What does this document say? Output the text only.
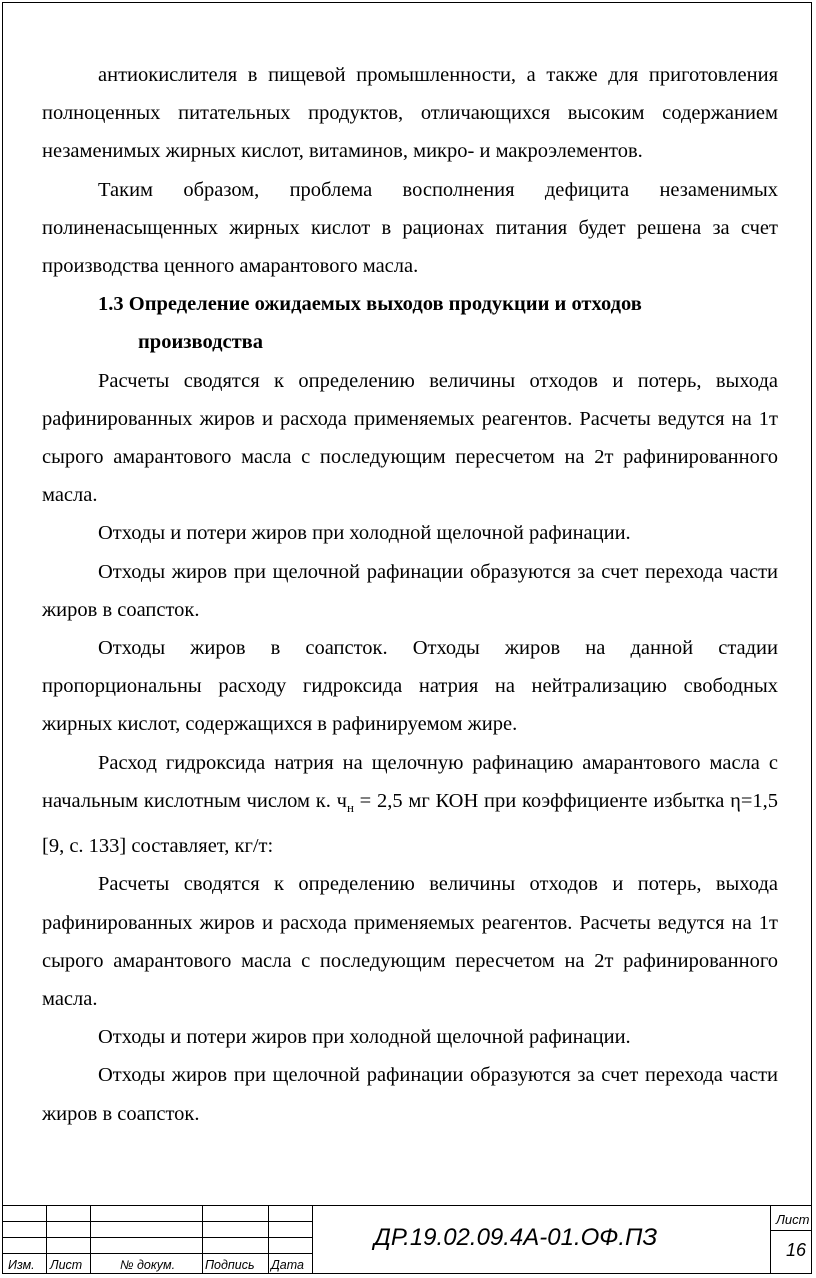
антиокислителя в пищевой промышленности, а также для приготовления полноценных питательных продуктов, отличающихся высоким содержанием незаменимых жирных кислот, витаминов, микро- и макроэлементов.

Таким образом, проблема восполнения дефицита незаменимых полиненасыщенных жирных кислот в рационах питания будет решена за счет производства ценного амарантового масла.

1.3 Определение ожидаемых выходов продукции и отходов
производства

Расчеты сводятся к определению величины отходов и потерь, выхода рафинированных жиров и расхода применяемых реагентов. Расчеты ведутся на 1т сырого амарантового масла с последующим пересчетом на 2т рафинированного масла.

Отходы и потери жиров при холодной щелочной рафинации.

Отходы жиров при щелочной рафинации образуются за счет перехода части жиров в соапсток.

Отходы жиров в соапсток. Отходы жиров на данной стадии пропорциональны расходу гидроксида натрия на нейтрализацию свободных жирных кислот, содержащихся в рафинируемом жире.

Расход гидроксида натрия на щелочную рафинацию амарантового масла с начальным кислотным числом к. $ч_н = 2,5$ мг КОН при коэффициенте избытка η=1,5 [9, с. 133] составляет, кг/т:

Расчеты сводятся к определению величины отходов и потерь, выхода рафинированных жиров и расхода применяемых реагентов. Расчеты ведутся на 1т сырого амарантового масла с последующим пересчетом на 2т рафинированного масла.

Отходы и потери жиров при холодной щелочной рафинации.

Отходы жиров при щелочной рафинации образуются за счет перехода части жиров в соапсток.

Изм. Лист	№ докум. Подпись Дата
ДР.19.02.09.4А-01.ОФ.ПЗ
Лист
16
